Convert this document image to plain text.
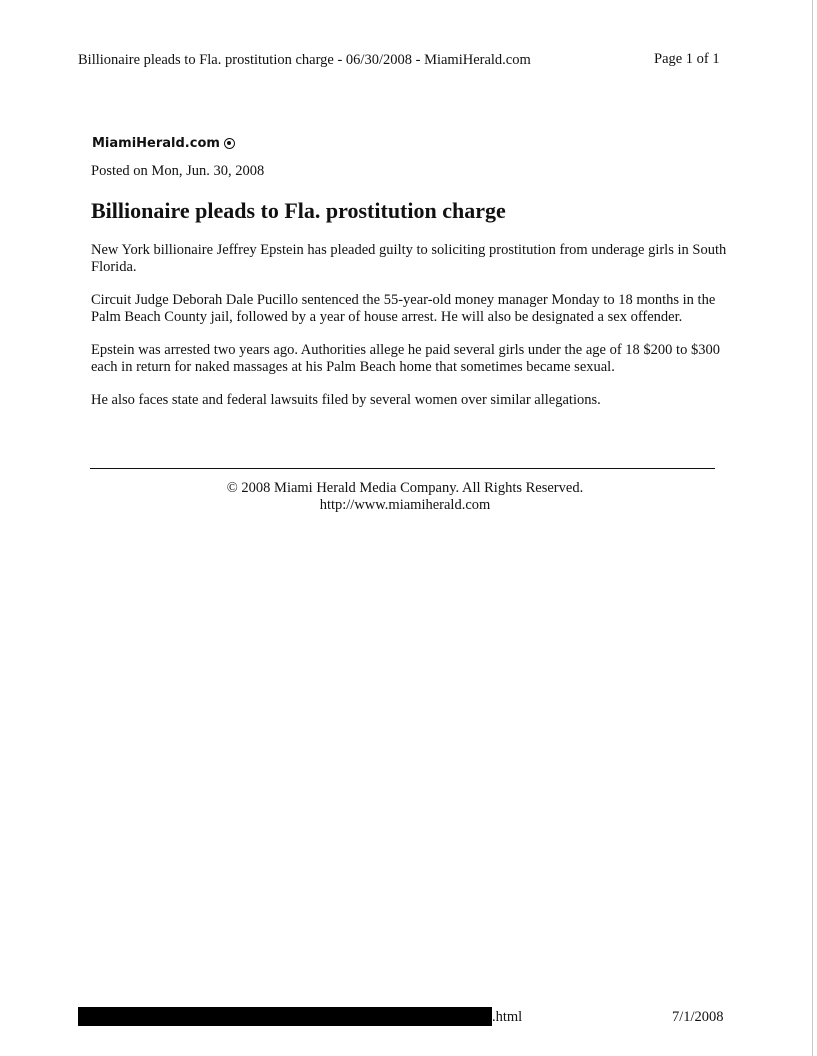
Billionaire pleads to Fla. prostitution charge - 06/30/2008 - MiamiHerald.com	Page 1 of 1
MiamiHerald.com
Posted on Mon, Jun. 30, 2008
Billionaire pleads to Fla. prostitution charge

New York billionaire Jeffrey Epstein has pleaded guilty to soliciting prostitution from underage girls in South Florida.

Circuit Judge Deborah Dale Pucillo sentenced the 55-year-old money manager Monday to 18 months in the Palm Beach County jail, followed by a year of house arrest. He will also be designated a sex offender.

Epstein was arrested two years ago. Authorities allege he paid several girls under the age of 18 $200 to $300 each in return for naked massages at his Palm Beach home that sometimes became sexual.

He also faces state and federal lawsuits filed by several women over similar allegations.

© 2008 Miami Herald Media Company. All Rights Reserved.
http://www.miamiherald.com
.html	7/1/2008
